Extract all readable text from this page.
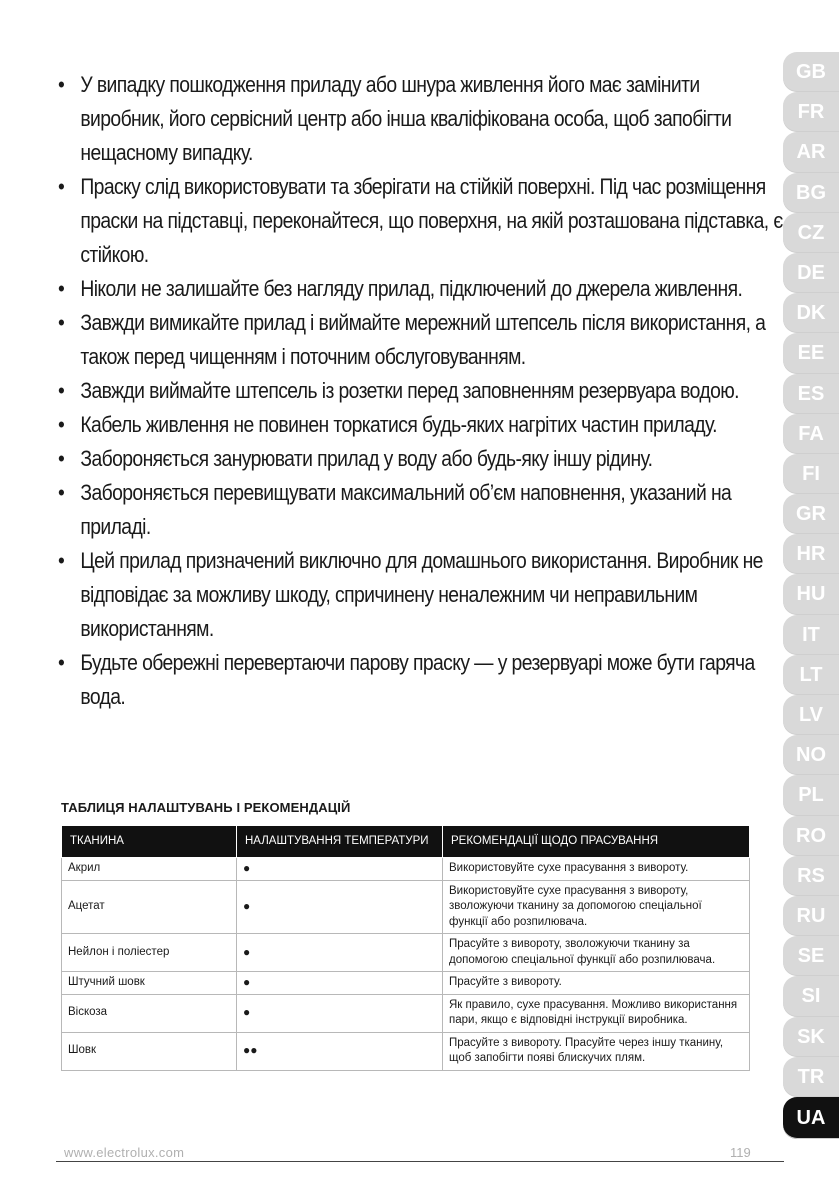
• У випадку пошкодження приладу або шнура живлення його має замінити виробник, його сервісний центр або інша кваліфікована особа, щоб запобігти нещасному випадку.
• Праску слід використовувати та зберігати на стійкій поверхні. Під час розміщення праски на підставці, переконайтеся, що поверхня, на якій розташована підставка, є стійкою.
• Ніколи не залишайте без нагляду прилад, підключений до джерела живлення.
• Завжди вимикайте прилад і виймайте мережний штепсель після використання, а також перед чищенням і поточним обслуговуванням.
• Завжди виймайте штепсель із розетки перед заповненням резервуара водою.
• Кабель живлення не повинен торкатися будь-яких нагрітих частин приладу.
• Забороняється занурювати прилад у воду або будь-яку іншу рідину.
• Забороняється перевищувати максимальний об’єм наповнення, указаний на приладі.
• Цей прилад призначений виключно для домашнього використання. Виробник не відповідає за можливу шкоду, спричинену неналежним чи неправильним використанням.
• Будьте обережні перевертаючи парову праску — у резервуарі може бути гаряча вода.
ТАБЛИЦЯ НАЛАШТУВАНЬ І РЕКОМЕНДАЦІЙ
ТКАНИНА	НАЛАШТУВАННЯ ТЕМПЕРАТУРИ	РЕКОМЕНДАЦІЇ ЩОДО ПРАСУВАННЯ
Акрил	●	Використовуйте сухе прасування з вивороту.
Ацетат	●	Використовуйте сухе прасування з вивороту, зволожуючи тканину за допомогою спеціальної функції або розпилювача.
Нейлон і поліестер	●	Прасуйте з вивороту, зволожуючи тканину за допомогою спеціальної функції або розпилювача.
Штучний шовк	●	Прасуйте з вивороту.
Віскоза	●	Як правило, сухе прасування. Можливо використання пари, якщо є відповідні інструкції виробника.
Шовк	●●	Прасуйте з вивороту. Прасуйте через іншу тканину, щоб запобігти появі блискучих плям.
GB
FR
AR
BG
CZ
DE
DK
EE
ES
FA
FI
GR
HR
HU
IT
LT
LV
NO
PL
RO
RS
RU
SE
SI
SK
TR
UA
www.electrolux.com	119
